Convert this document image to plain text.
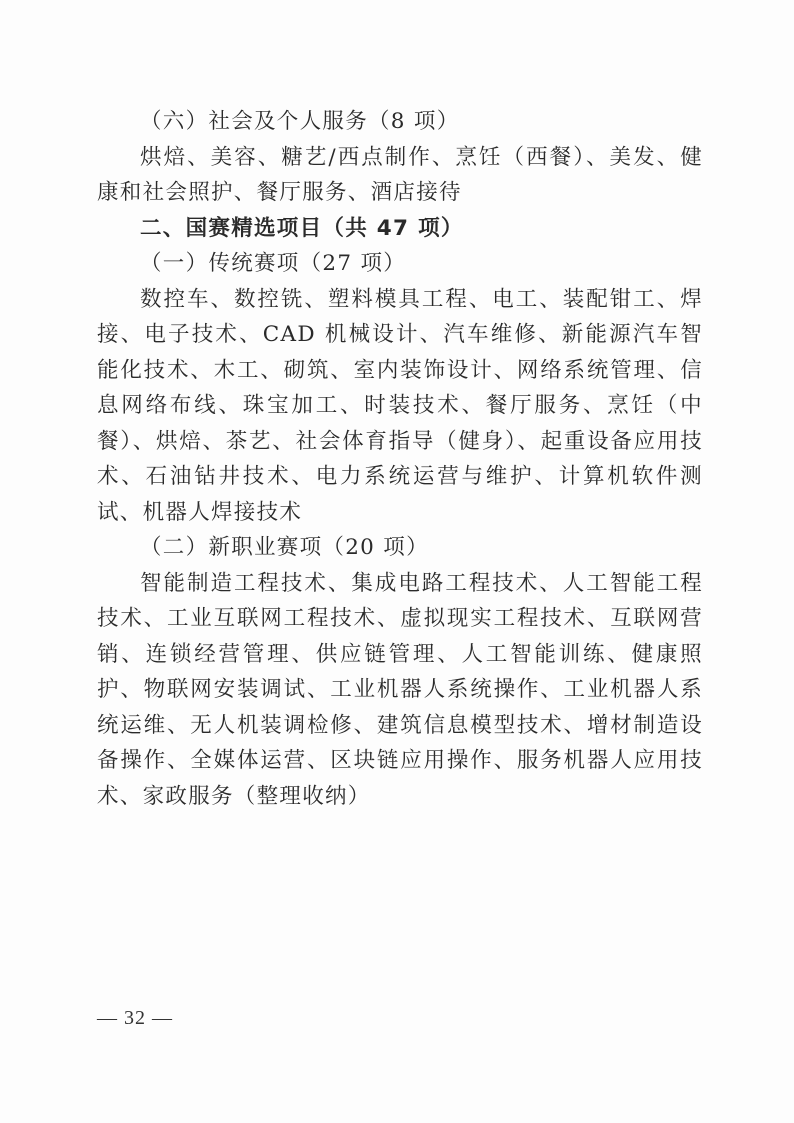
（六）社会及个人服务（8 项）

烘焙、美容、糖艺/西点制作、烹饪（西餐）、美发、健康和社会照护、餐厅服务、酒店接待

二、国赛精选项目（共 47 项）

（一）传统赛项（27 项）

数控车、数控铣、塑料模具工程、电工、装配钳工、焊接、电子技术、CAD 机械设计、汽车维修、新能源汽车智能化技术、木工、砌筑、室内装饰设计、网络系统管理、信息网络布线、珠宝加工、时装技术、餐厅服务、烹饪（中餐）、烘焙、茶艺、社会体育指导（健身）、起重设备应用技术、石油钻井技术、电力系统运营与维护、计算机软件测试、机器人焊接技术

（二）新职业赛项（20 项）

智能制造工程技术、集成电路工程技术、人工智能工程技术、工业互联网工程技术、虚拟现实工程技术、互联网营销、连锁经营管理、供应链管理、人工智能训练、健康照护、物联网安装调试、工业机器人系统操作、工业机器人系统运维、无人机装调检修、建筑信息模型技术、增材制造设备操作、全媒体运营、区块链应用操作、服务机器人应用技术、家政服务（整理收纳）

— 32 —
